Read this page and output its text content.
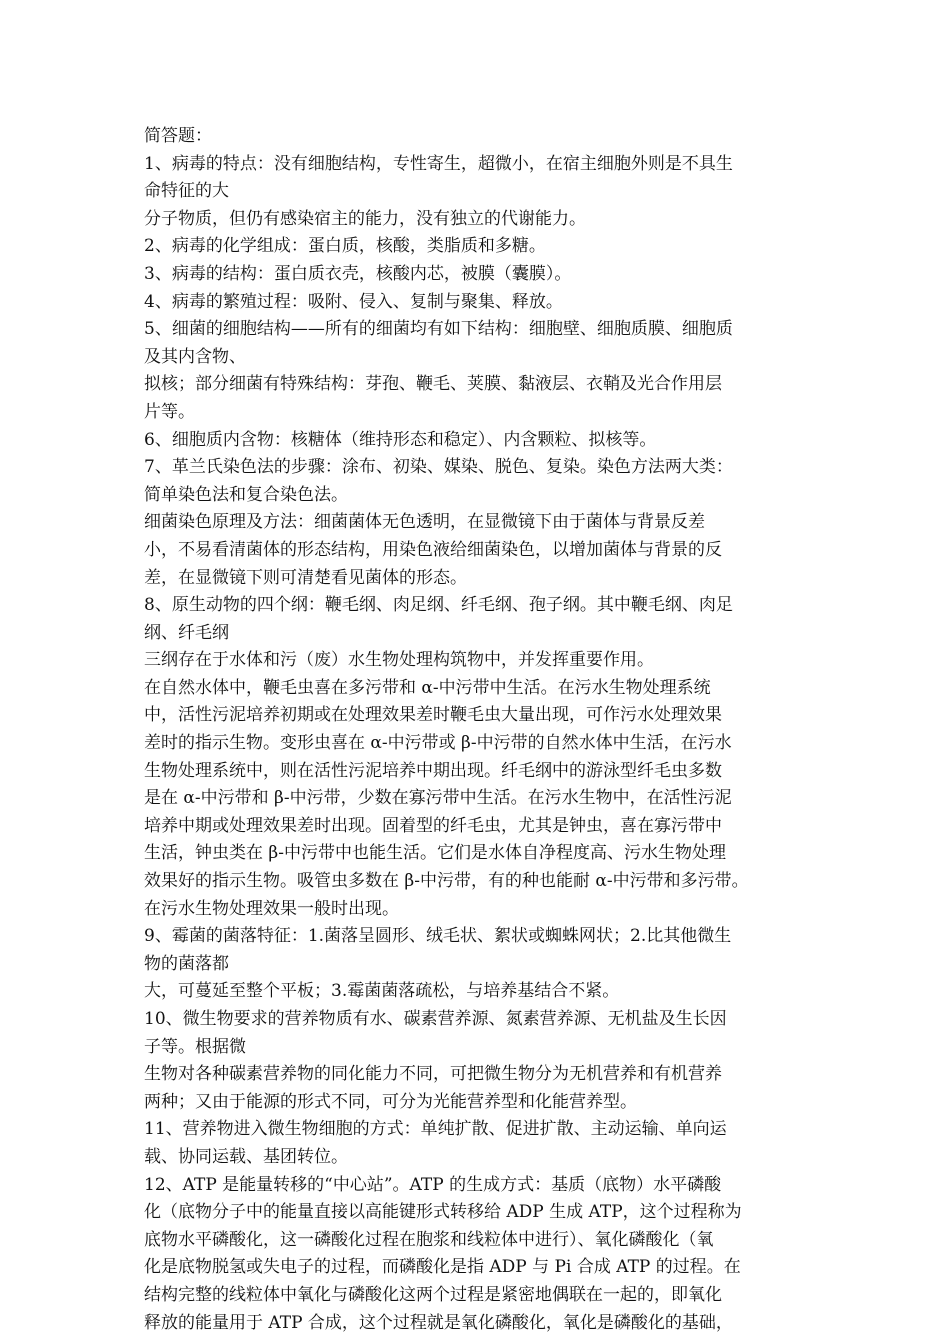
简答题：
1、病毒的特点：没有细胞结构，专性寄生，超微小，在宿主细胞外则是不具生
命特征的大
分子物质，但仍有感染宿主的能力，没有独立的代谢能力。
2、病毒的化学组成：蛋白质，核酸，类脂质和多糖。
3、病毒的结构：蛋白质衣壳，核酸内芯，被膜（囊膜）。
4、病毒的繁殖过程：吸附、侵入、复制与聚集、释放。
5、细菌的细胞结构——所有的细菌均有如下结构：细胞壁、细胞质膜、细胞质
及其内含物、
拟核；部分细菌有特殊结构：芽孢、鞭毛、荚膜、黏液层、衣鞘及光合作用层
片等。
6、细胞质内含物：核糖体（维持形态和稳定）、内含颗粒、拟核等。
7、革兰氏染色法的步骤：涂布、初染、媒染、脱色、复染。染色方法两大类：
简单染色法和复合染色法。
细菌染色原理及方法：细菌菌体无色透明，在显微镜下由于菌体与背景反差
小，不易看清菌体的形态结构，用染色液给细菌染色，以增加菌体与背景的反
差，在显微镜下则可清楚看见菌体的形态。
8、原生动物的四个纲：鞭毛纲、肉足纲、纤毛纲、孢子纲。其中鞭毛纲、肉足
纲、纤毛纲
三纲存在于水体和污（废）水生物处理构筑物中，并发挥重要作用。
在自然水体中，鞭毛虫喜在多污带和 α-中污带中生活。在污水生物处理系统
中，活性污泥培养初期或在处理效果差时鞭毛虫大量出现，可作污水处理效果
差时的指示生物。变形虫喜在 α-中污带或 β-中污带的自然水体中生活，在污水
生物处理系统中，则在活性污泥培养中期出现。纤毛纲中的游泳型纤毛虫多数
是在 α-中污带和 β-中污带，少数在寡污带中生活。在污水生物中，在活性污泥
培养中期或处理效果差时出现。固着型的纤毛虫，尤其是钟虫，喜在寡污带中
生活，钟虫类在 β-中污带中也能生活。它们是水体自净程度高、污水生物处理
效果好的指示生物。吸管虫多数在 β-中污带，有的种也能耐 α-中污带和多污带。
在污水生物处理效果一般时出现。
9、霉菌的菌落特征：1.菌落呈圆形、绒毛状、絮状或蜘蛛网状；2.比其他微生
物的菌落都
大，可蔓延至整个平板；3.霉菌菌落疏松，与培养基结合不紧。
10、微生物要求的营养物质有水、碳素营养源、氮素营养源、无机盐及生长因
子等。根据微
生物对各种碳素营养物的同化能力不同，可把微生物分为无机营养和有机营养
两种；又由于能源的形式不同，可分为光能营养型和化能营养型。
11、营养物进入微生物细胞的方式：单纯扩散、促进扩散、主动运输、单向运
载、协同运载、基团转位。
12、ATP 是能量转移的“中心站”。ATP 的生成方式：基质（底物）水平磷酸
化（底物分子中的能量直接以高能键形式转移给 ADP 生成 ATP，这个过程称为
底物水平磷酸化，这一磷酸化过程在胞浆和线粒体中进行）、氧化磷酸化（氧
化是底物脱氢或失电子的过程，而磷酸化是指 ADP 与 Pi 合成 ATP 的过程。在
结构完整的线粒体中氧化与磷酸化这两个过程是紧密地偶联在一起的，即氧化
释放的能量用于 ATP 合成，这个过程就是氧化磷酸化，氧化是磷酸化的基础，
